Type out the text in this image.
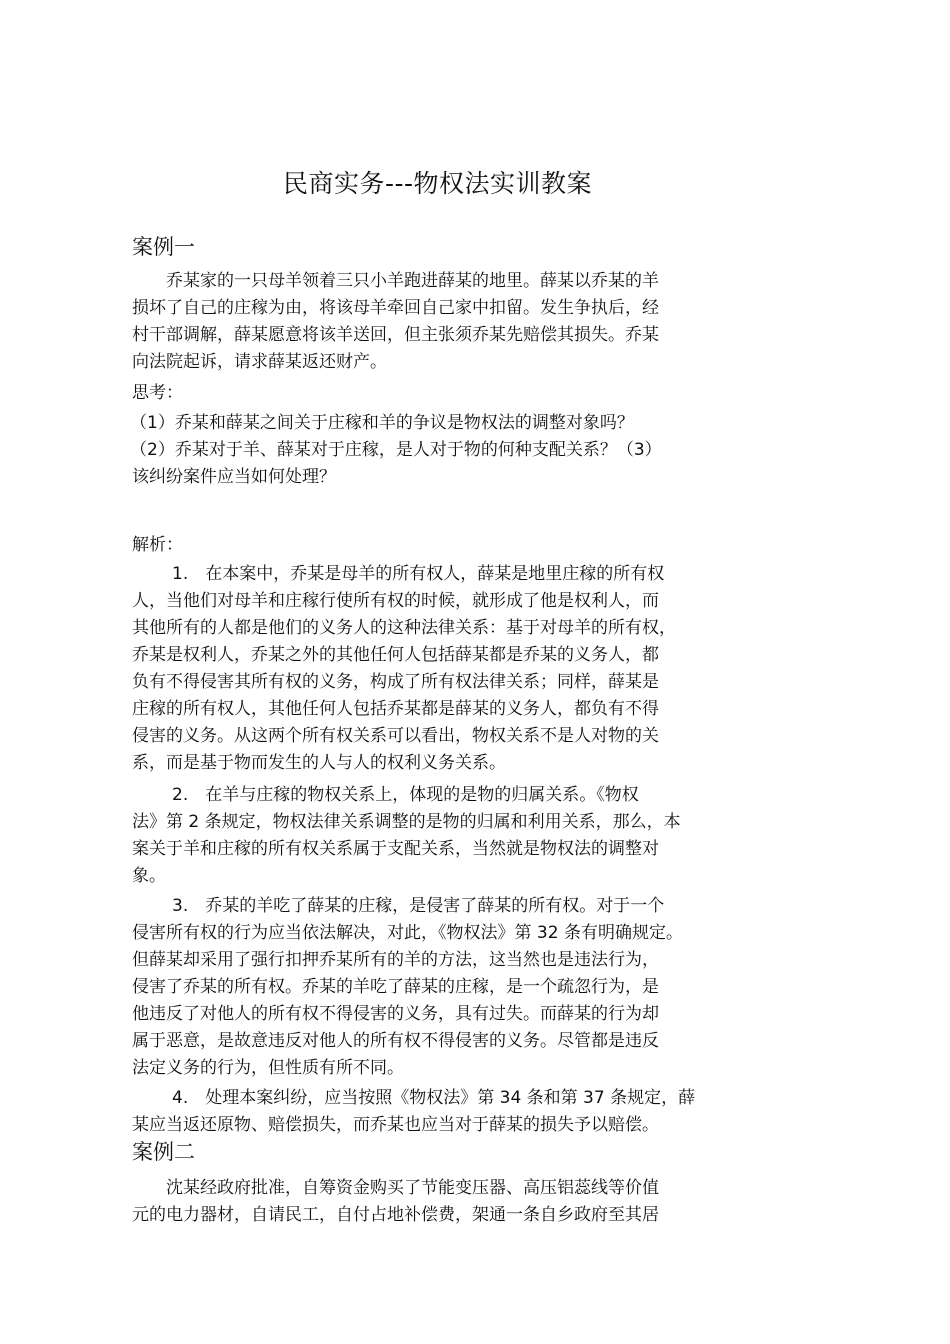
民商实务---物权法实训教案
案例一
乔某家的一只母羊领着三只小羊跑进薛某的地里。薛某以乔某的羊
损坏了自己的庄稼为由，将该母羊牵回自己家中扣留。发生争执后，经
村干部调解，薛某愿意将该羊送回，但主张须乔某先赔偿其损失。乔某
向法院起诉，请求薛某返还财产。
思考：
（1）乔某和薛某之间关于庄稼和羊的争议是物权法的调整对象吗？
（2）乔某对于羊、薛某对于庄稼，是人对于物的何种支配关系？（3）
该纠纷案件应当如何处理？
解析：
1.　在本案中，乔某是母羊的所有权人，薛某是地里庄稼的所有权
人，当他们对母羊和庄稼行使所有权的时候，就形成了他是权利人，而
其他所有的人都是他们的义务人的这种法律关系：基于对母羊的所有权，
乔某是权利人，乔某之外的其他任何人包括薛某都是乔某的义务人，都
负有不得侵害其所有权的义务，构成了所有权法律关系；同样，薛某是
庄稼的所有权人，其他任何人包括乔某都是薛某的义务人，都负有不得
侵害的义务。从这两个所有权关系可以看出，物权关系不是人对物的关
系，而是基于物而发生的人与人的权利义务关系。
2.　在羊与庄稼的物权关系上，体现的是物的归属关系。《物权
法》第 2 条规定，物权法律关系调整的是物的归属和利用关系，那么，本
案关于羊和庄稼的所有权关系属于支配关系，当然就是物权法的调整对
象。
3.　乔某的羊吃了薛某的庄稼，是侵害了薛某的所有权。对于一个
侵害所有权的行为应当依法解决，对此，《物权法》第 32 条有明确规定。
但薛某却采用了强行扣押乔某所有的羊的方法，这当然也是违法行为，
侵害了乔某的所有权。乔某的羊吃了薛某的庄稼，是一个疏忽行为，是
他违反了对他人的所有权不得侵害的义务，具有过失。而薛某的行为却
属于恶意，是故意违反对他人的所有权不得侵害的义务。尽管都是违反
法定义务的行为，但性质有所不同。
4.　处理本案纠纷，应当按照《物权法》第 34 条和第 37 条规定，薛
某应当返还原物、赔偿损失，而乔某也应当对于薛某的损失予以赔偿。
案例二
沈某经政府批准，自筹资金购买了节能变压器、高压铝蕊线等价值
元的电力器材，自请民工，自付占地补偿费，架通一条自乡政府至其居
